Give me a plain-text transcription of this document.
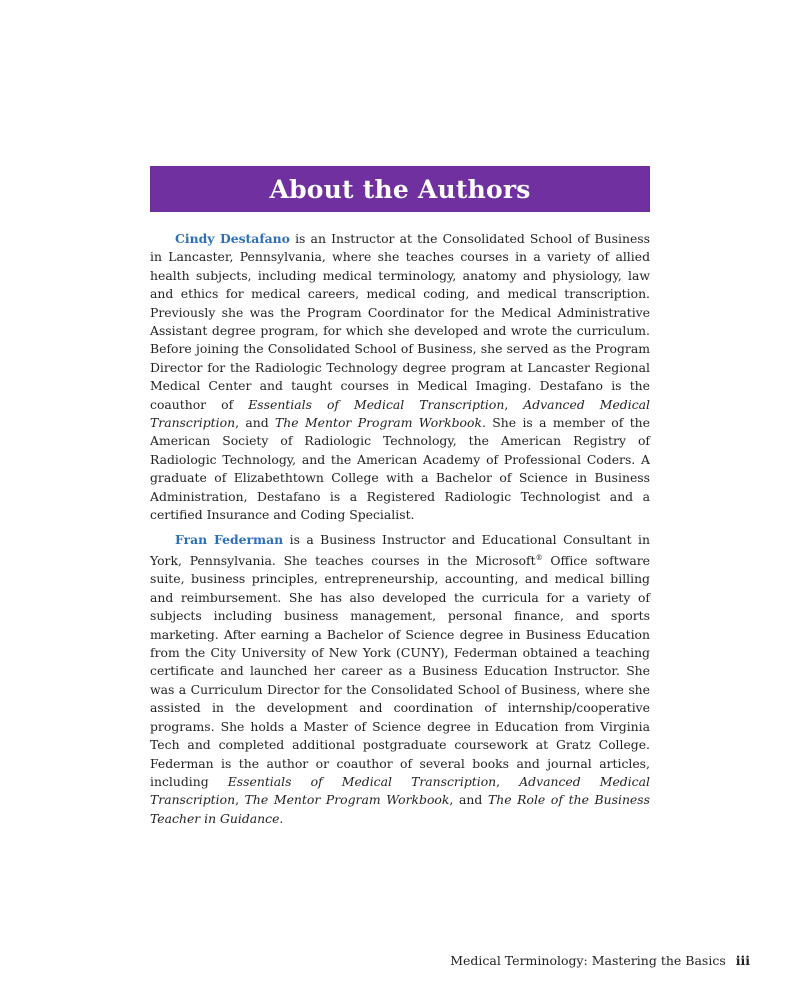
About the Authors

Cindy Destafano is an Instructor at the Consolidated School of Business in Lancaster, Pennsylvania, where she teaches courses in a variety of allied health subjects, including medical terminology, anatomy and physiology, law and ethics for medical careers, medical coding, and medical transcription. Previously she was the Program Coordinator for the Medical Administrative Assistant degree program, for which she developed and wrote the curriculum. Before joining the Consolidated School of Business, she served as the Program Director for the Radiologic Technology degree program at Lancaster Regional Medical Center and taught courses in Medical Imaging. Destafano is the coauthor of Essentials of Medical Transcription, Advanced Medical Transcription, and The Mentor Program Workbook. She is a member of the American Society of Radiologic Technology, the American Registry of Radiologic Technology, and the American Academy of Professional Coders. A graduate of Elizabethtown College with a Bachelor of Science in Business Administration, Destafano is a Registered Radiologic Technologist and a certified Insurance and Coding Specialist.

Fran Federman is a Business Instructor and Educational Consultant in York, Pennsylvania. She teaches courses in the Microsoft® Office software suite, business principles, entrepreneurship, accounting, and medical billing and reimbursement. She has also developed the curricula for a variety of subjects including business management, personal finance, and sports marketing. After earning a Bachelor of Science degree in Business Education from the City University of New York (CUNY), Federman obtained a teaching certificate and launched her career as a Business Education Instructor. She was a Curriculum Director for the Consolidated School of Business, where she assisted in the development and coordination of internship/cooperative programs. She holds a Master of Science degree in Education from Virginia Tech and completed additional postgraduate coursework at Gratz College. Federman is the author or coauthor of several books and journal articles, including Essentials of Medical Transcription, Advanced Medical Transcription, The Mentor Program Workbook, and The Role of the Business Teacher in Guidance.

Medical Terminology: Mastering the Basics iii
